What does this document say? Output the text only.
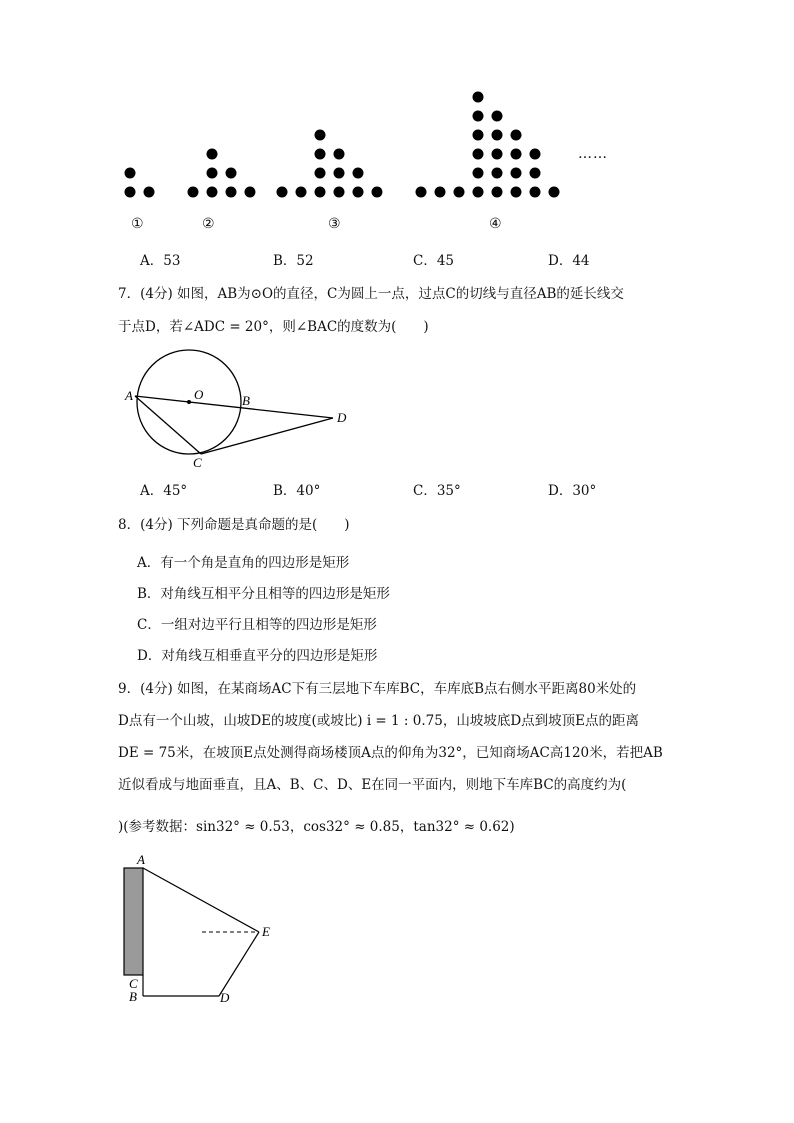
①	②	③	④
……
A．53	B．52	C．45	D．44
7．(4分) 如图，AB为⊙O的直径，C为圆上一点，过点C的切线与直径AB的延长线交
于点D，若∠ADC = 20°，则∠BAC的度数为(　　)
A	O	B
C
D
A．45°	B．40°	C．35°	D．30°
8．(4分) 下列命题是真命题的是(　　)
A．有一个角是直角的四边形是矩形
B．对角线互相平分且相等的四边形是矩形
C．一组对边平行且相等的四边形是矩形
D．对角线互相垂直平分的四边形是矩形
9．(4分) 如图，在某商场AC下有三层地下车库BC，车库底B点右侧水平距离80米处的
D点有一个山坡，山坡DE的坡度(或坡比) i = 1 : 0.75，山坡坡底D点到坡顶E点的距离
DE = 75米，在坡顶E点处测得商场楼顶A点的仰角为32°，已知商场AC高120米，若把AB
近似看成与地面垂直，且A、B、C、D、E在同一平面内，则地下车库BC的高度约为(
)(参考数据：sin32° ≈ 0.53，cos32° ≈ 0.85，tan32° ≈ 0.62)
A
C
B	D
E
